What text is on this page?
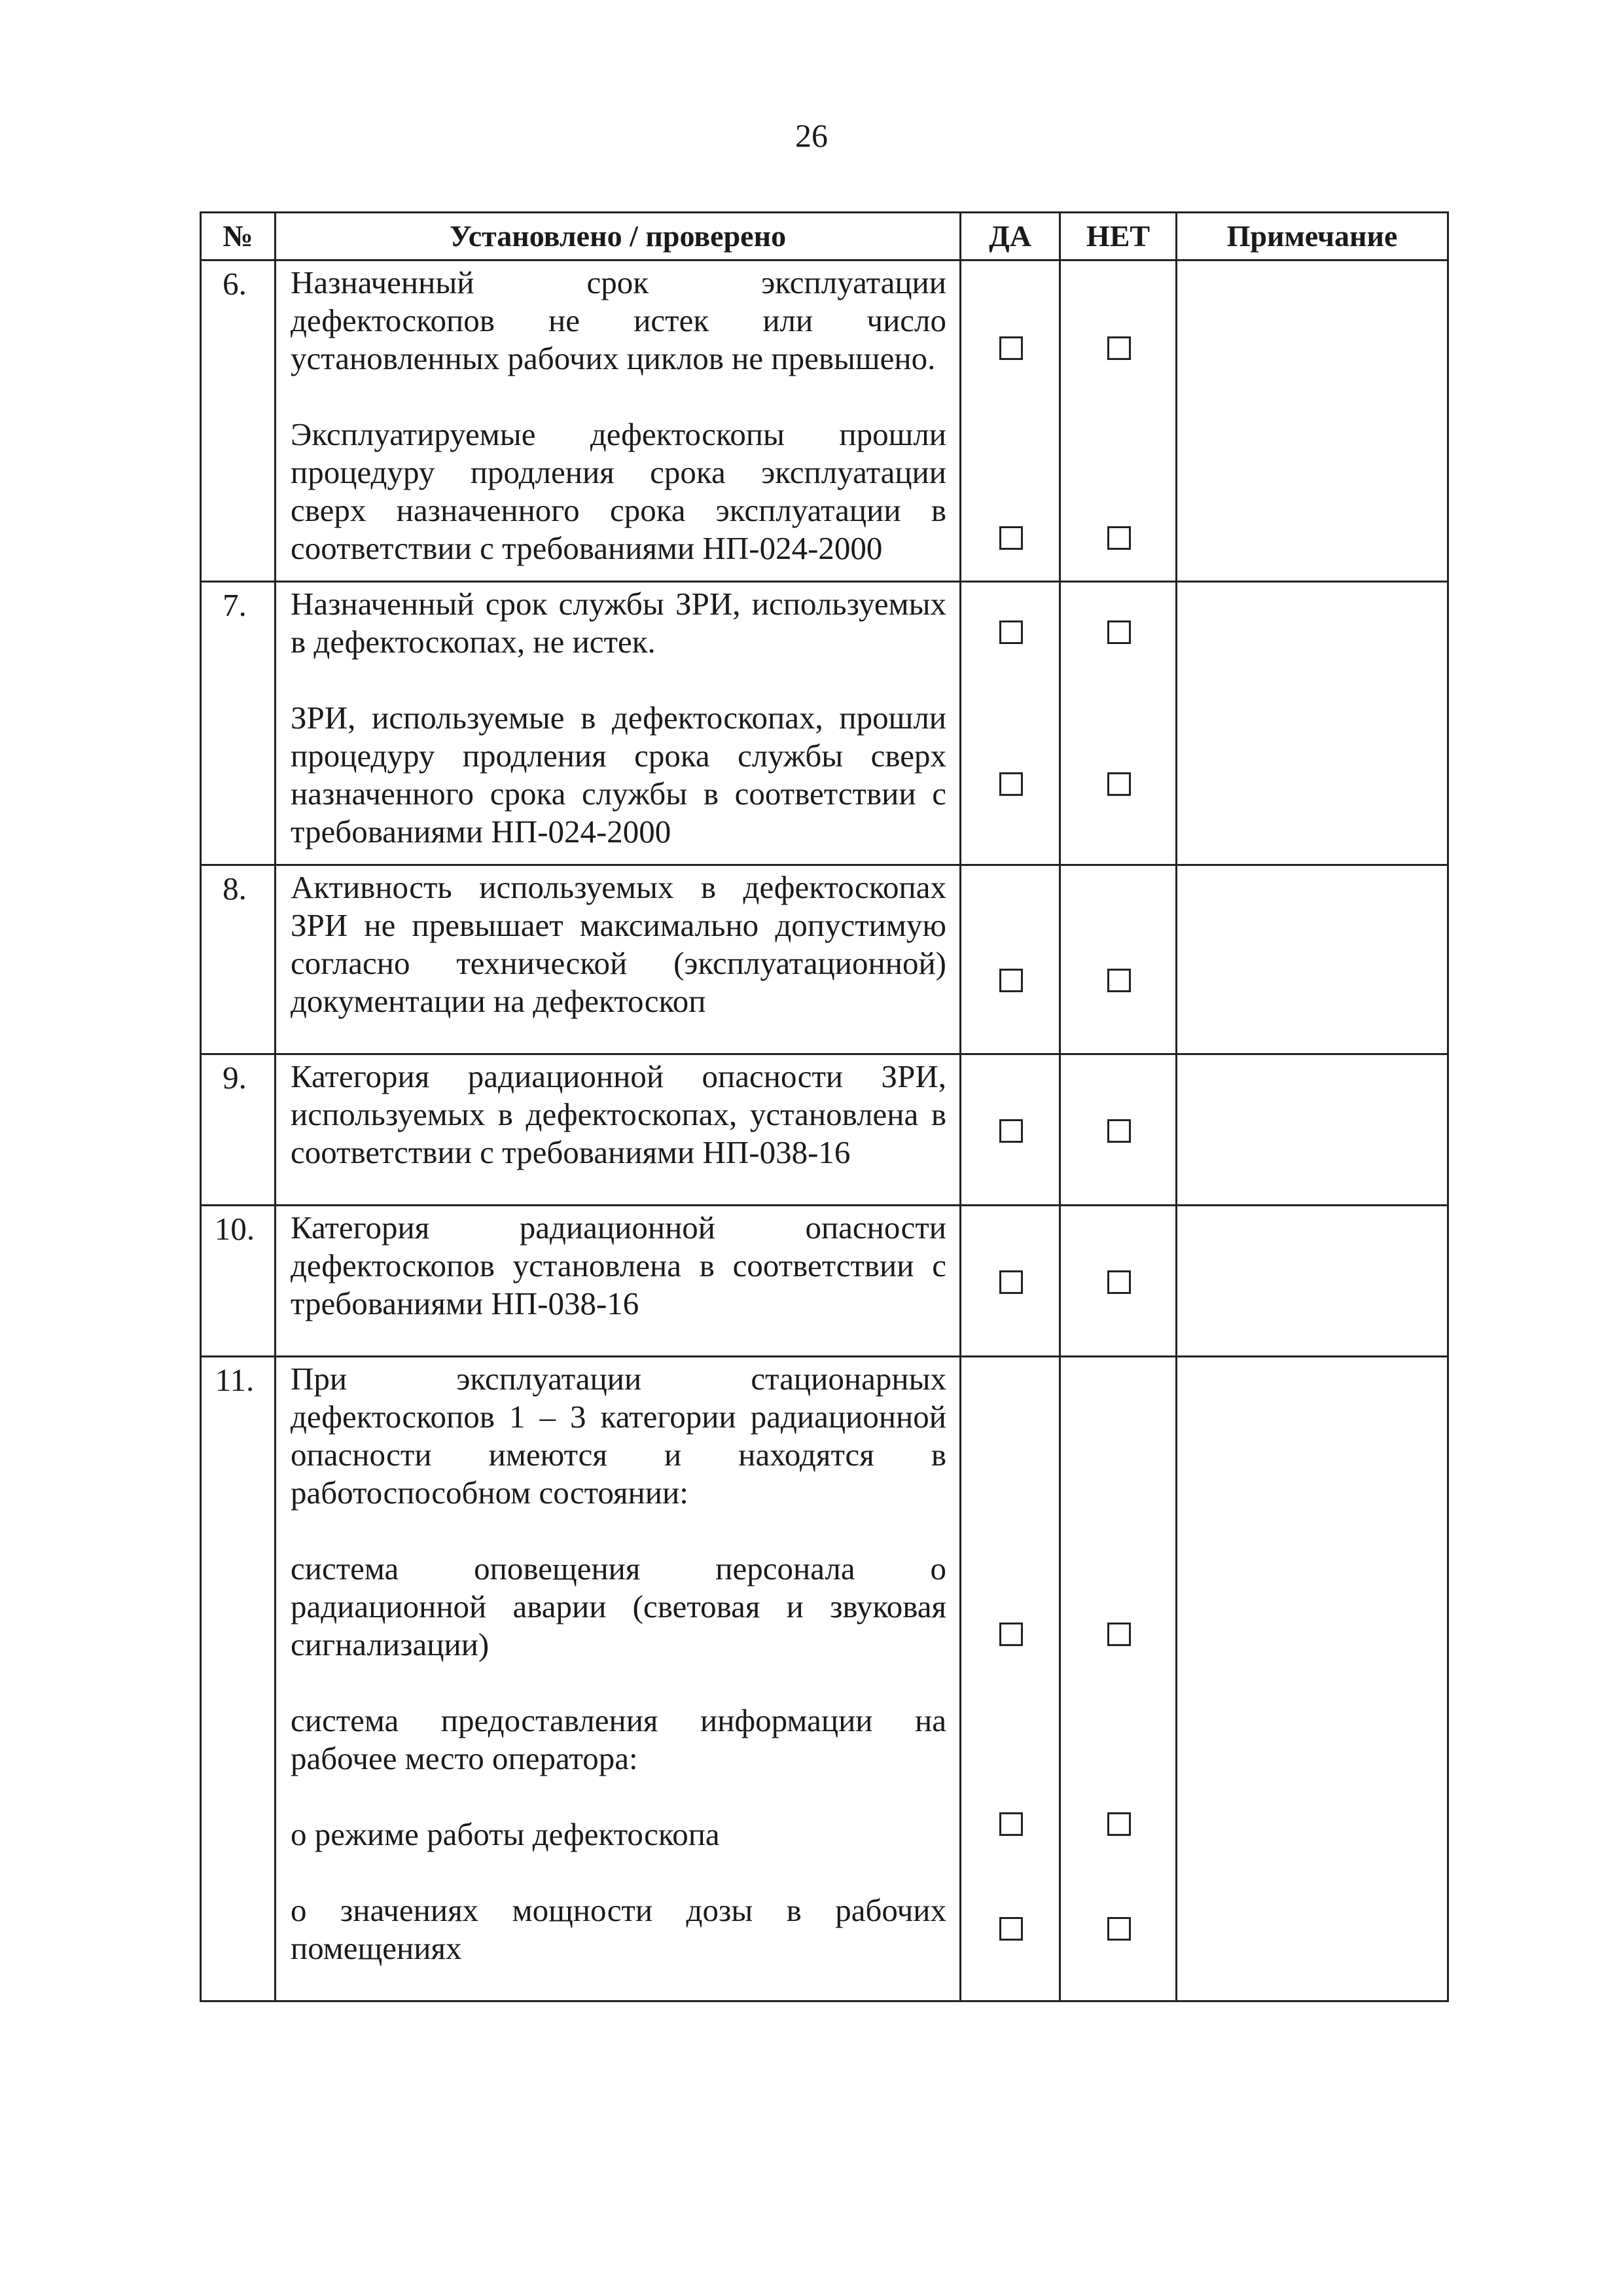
26
№	Установлено / проверено	ДА	НЕТ	Примечание
6.	Назначенный срок эксплуатации дефектоскопов не истек или число установленных рабочих циклов не превышено.
Эксплуатируемые дефектоскопы прошли процедуру продления срока эксплуатации сверх назначенного срока эксплуатации в соответствии с требованиями НП-024-2000			

7.	Назначенный срок службы ЗРИ, используемых в дефектоскопах, не истек.
ЗРИ, используемые в дефектоскопах, прошли процедуру продления срока службы сверх назначенного срока службы в соответствии с требованиями НП-024-2000			

8.	Активность используемых в дефектоскопах ЗРИ не превышает максимально допустимую согласно технической (эксплуатационной) документации на дефектоскоп			

9.	Категория радиационной опасности ЗРИ, используемых в дефектоскопах, установлена в соответствии с требованиями НП-038-16			

10.	Категория радиационной опасности дефектоскопов установлена в соответствии с требованиями НП-038-16			

11.	При эксплуатации стационарных дефектоскопов 1 – 3 категории радиационной опасности имеются и находятся в работоспособном состоянии:
система оповещения персонала о радиационной аварии (световая и звуковая сигнализации)
система предоставления информации на рабочее место оператора:
о режиме работы дефектоскопа
о значениях мощности дозы в рабочих помещениях			
